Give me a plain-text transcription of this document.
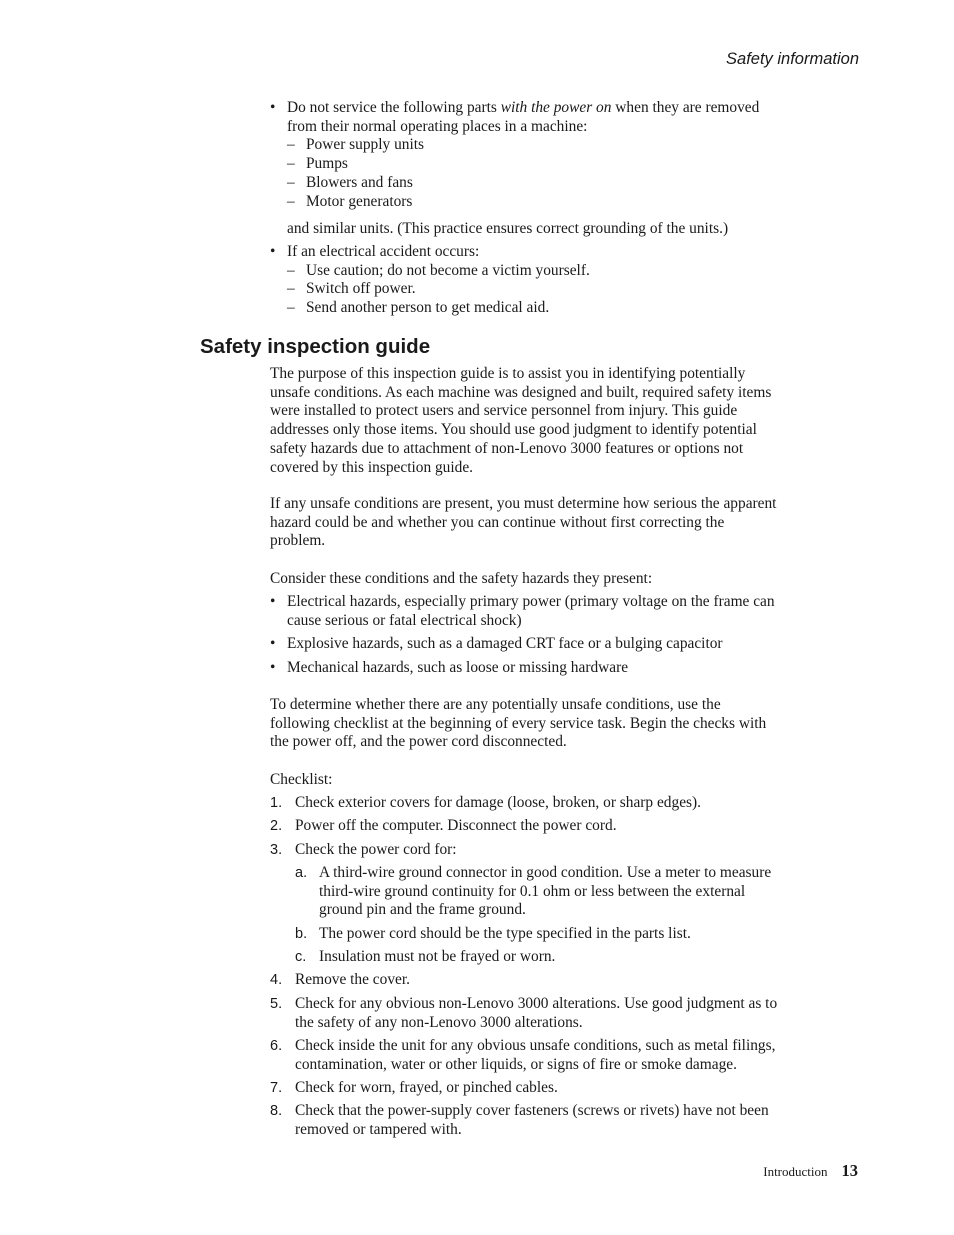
Safety information
• Do not service the following parts with the power on when they are removed
from their normal operating places in a machine:
– Power supply units
– Pumps
– Blowers and fans
– Motor generators
and similar units. (This practice ensures correct grounding of the units.)
• If an electrical accident occurs:
– Use caution; do not become a victim yourself.
– Switch off power.
– Send another person to get medical aid.
Safety inspection guide
The purpose of this inspection guide is to assist you in identifying potentially
unsafe conditions. As each machine was designed and built, required safety items
were installed to protect users and service personnel from injury. This guide
addresses only those items. You should use good judgment to identify potential
safety hazards due to attachment of non-Lenovo 3000 features or options not
covered by this inspection guide.
If any unsafe conditions are present, you must determine how serious the apparent
hazard could be and whether you can continue without first correcting the
problem.
Consider these conditions and the safety hazards they present:
• Electrical hazards, especially primary power (primary voltage on the frame can
cause serious or fatal electrical shock)
• Explosive hazards, such as a damaged CRT face or a bulging capacitor
• Mechanical hazards, such as loose or missing hardware
To determine whether there are any potentially unsafe conditions, use the
following checklist at the beginning of every service task. Begin the checks with
the power off, and the power cord disconnected.
Checklist:
1. Check exterior covers for damage (loose, broken, or sharp edges).
2. Power off the computer. Disconnect the power cord.
3. Check the power cord for:
a. A third-wire ground connector in good condition. Use a meter to measure
third-wire ground continuity for 0.1 ohm or less between the external
ground pin and the frame ground.
b. The power cord should be the type specified in the parts list.
c. Insulation must not be frayed or worn.
4. Remove the cover.
5. Check for any obvious non-Lenovo 3000 alterations. Use good judgment as to
the safety of any non-Lenovo 3000 alterations.
6. Check inside the unit for any obvious unsafe conditions, such as metal filings,
contamination, water or other liquids, or signs of fire or smoke damage.
7. Check for worn, frayed, or pinched cables.
8. Check that the power-supply cover fasteners (screws or rivets) have not been
removed or tampered with.
Introduction 13
